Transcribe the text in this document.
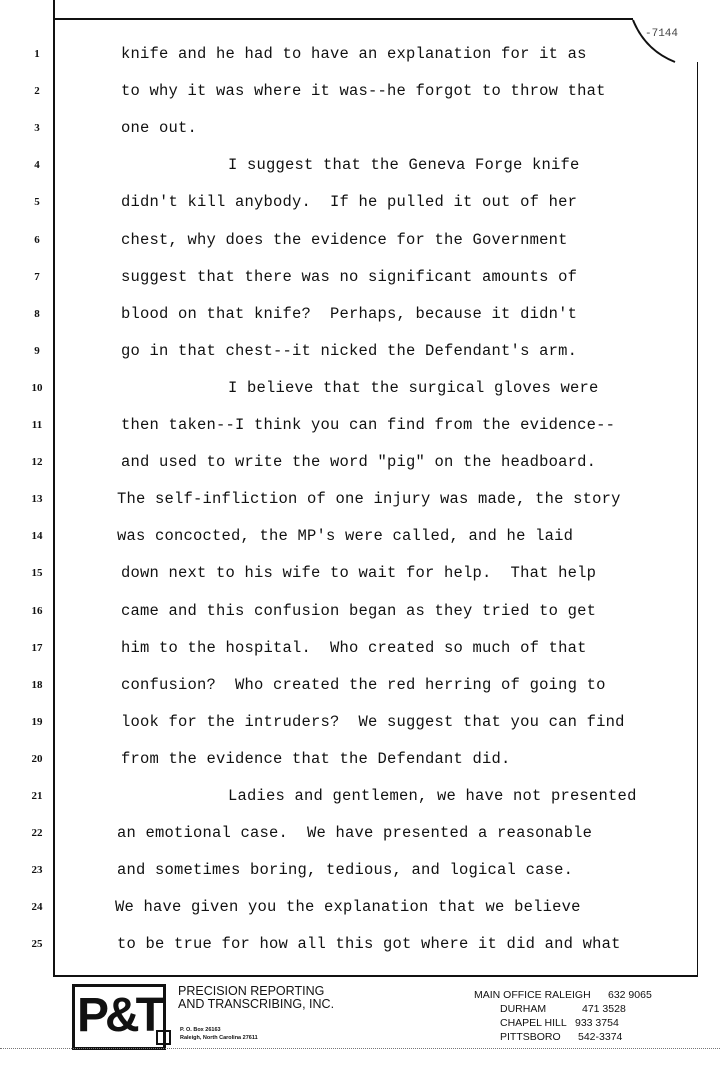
-7144
1	knife and he had to have an explanation for it as
2	to why it was where it was--he forgot to throw that
3	one out.
4	I suggest that the Geneva Forge knife
5	didn't kill anybody.  If he pulled it out of her
6	chest, why does the evidence for the Government
7	suggest that there was no significant amounts of
8	blood on that knife?  Perhaps, because it didn't
9	go in that chest--it nicked the Defendant's arm.
10	I believe that the surgical gloves were
11	then taken--I think you can find from the evidence--
12	and used to write the word "pig" on the headboard.
13	The self-infliction of one injury was made, the story
14	was concocted, the MP's were called, and he laid
15	down next to his wife to wait for help.  That help
16	came and this confusion began as they tried to get
17	him to the hospital.  Who created so much of that
18	confusion?  Who created the red herring of going to
19	look for the intruders?  We suggest that you can find
20	from the evidence that the Defendant did.
21	Ladies and gentlemen, we have not presented
22	an emotional case.  We have presented a reasonable
23	and sometimes boring, tedious, and logical case.
24	We have given you the explanation that we believe
25	to be true for how all this got where it did and what
P&T	PRECISION REPORTING
AND TRANSCRIBING, INC.
P. O. Box 26163
Raleigh, North Carolina 27611
MAIN OFFICE RALEIGH 632 9065
DURHAM	471 3528
CHAPEL HILL 933 3754
PITTSBORO 542-3374
